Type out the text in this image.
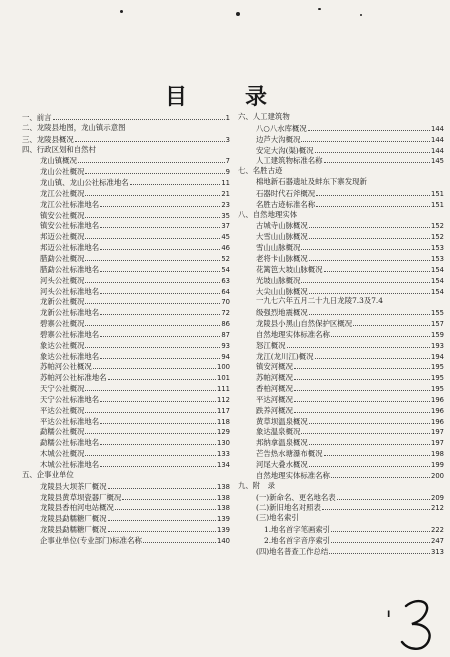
目　录
一、前言	1
二、龙陵县地图，龙山镇示意图
三、龙陵县概况	3
四、行政区划和自然村
龙山镇概况	7
龙山公社概况	9
龙山镇、龙山公社标准地名	11
龙江公社概况	21
龙江公社标准地名	23
镇安公社概况	35
镇安公社标准地名	37
邦迈公社概况	45
邦迈公社标准地名	46
腊勐公社概况	52
腊勐公社标准地名	54
河头公社概况	63
河头公社标准地名	64
龙新公社概况	70
龙新公社标准地名	72
碧寨公社概况	86
碧寨公社标准地名	87
象达公社概况	93
象达公社标准地名	94
苏帕河公社概况	100
苏帕河公社标准地名	101
天宁公社概况	111
天宁公社标准地名	112
平达公社概况	117
平达公社标准地名	118
勐糯公社概况	129
勐糯公社标准地名	130
木城公社概况	133
木城公社标准地名	134
五、企事业单位
龙陵县大坝茶厂概况	138
龙陵县黄草坝瓷器厂概况	138
龙陵县香柏河电站概况	138
龙陵县勐糯糖厂概况	139
龙陵县勐糯糖厂概况	139
企事业单位(专业部门)标准名称	140
六、人工建筑物
八○八水库概况	144
边芦大沟概况	144
安定大沟(渠)概况	144
人工建筑物标准名称	145
七、名胜古迹
棉地新石器遗址及蚌东下寨发现新
石器时代石斧概况	151
名胜古迹标准名称	151
八、自然地理实体
古城寺山脉概况	152
大雪山山脉概况	152
雪山山脉概况	153
老将卡山脉概况	153
花篱笆大坡山脉概况	154
光坡山脉概况	154
大尖山山脉概况	154
一九七六年五月二十九日龙陵7.3及7.4
级强烈地震概况	155
龙陵县小黑山自然保护区概况	157
自然地理实体标准名称	159
怒江概况	193
龙江(龙川江)概况	194
镇安河概况	195
苏帕河概况	195
香柏河概况	195
平达河概况	196
跌养河概况	196
黄草坝温泉概况	196
象达温泉概况	197
邦纳拿温泉概况	197
芒告热水塘瀑布概况	198
河尾大叠水概况	199
自然地理实体标准名称	200
九、附　录
(一)新命名、更名地名表	209
(二)新旧地名对照表	212
(三)地名索引
1.地名首字笔画索引	222
2.地名首字音序索引	247
(四)地名普查工作总结	313
I
